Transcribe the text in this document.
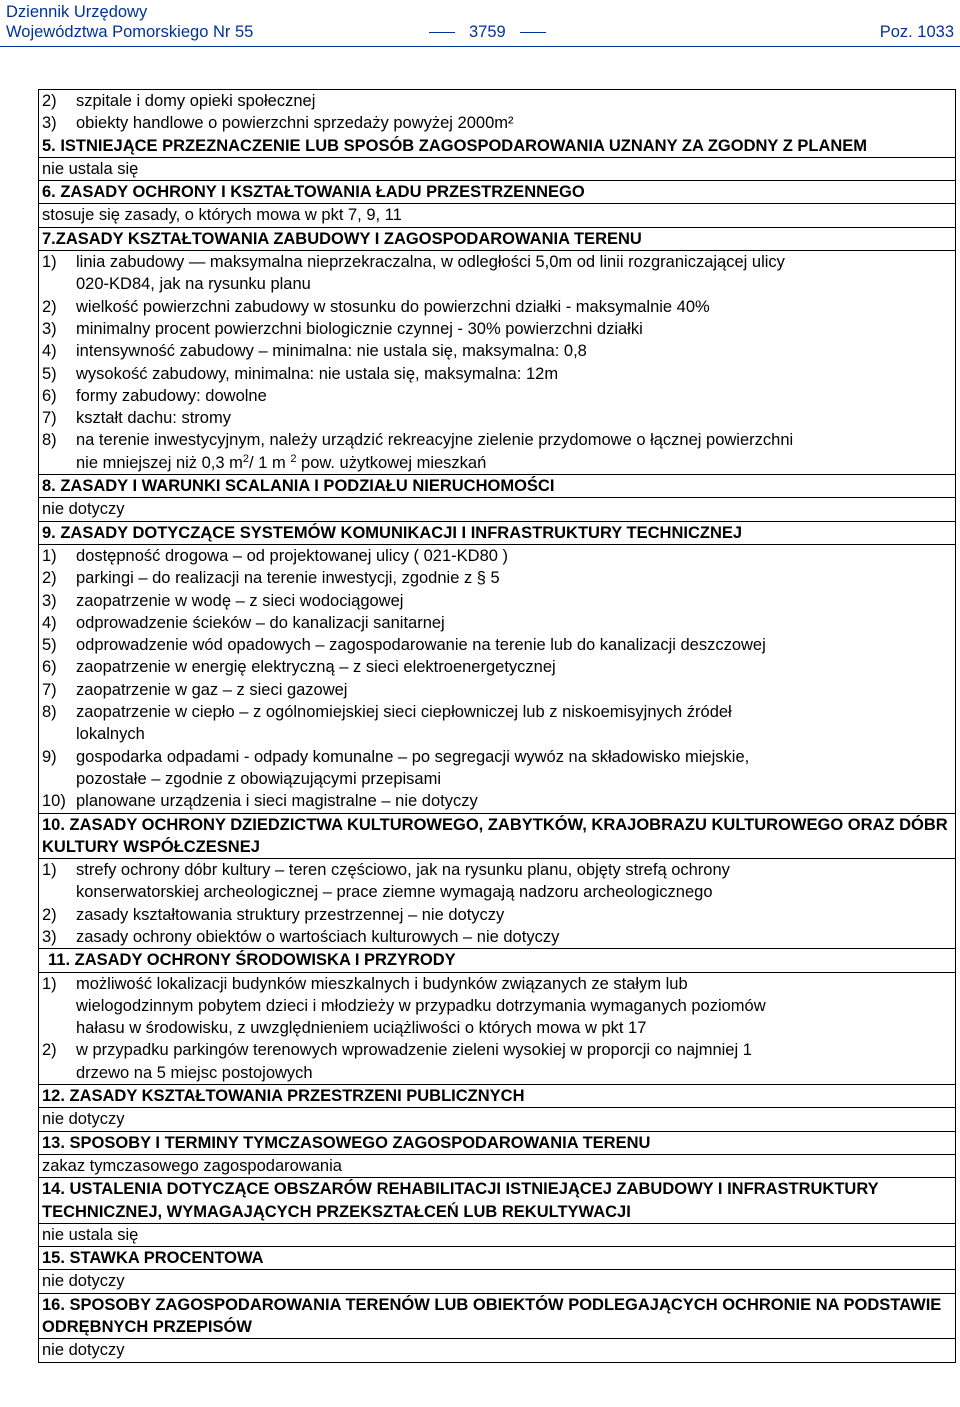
Dziennik Urzędowy
Województwa Pomorskiego Nr 55	3759	Poz. 1033
2)	szpitale i domy opieki społecznej
3)	obiekty handlowe o powierzchni sprzedaży powyżej 2000m²
5. ISTNIEJĄCE PRZEZNACZENIE LUB SPOSÓB ZAGOSPODAROWANIA UZNANY ZA ZGODNY Z PLANEM
nie ustala się
6. ZASADY OCHRONY I KSZTAŁTOWANIA ŁADU PRZESTRZENNEGO
stosuje się zasady, o których mowa w pkt 7, 9, 11
7.ZASADY KSZTAŁTOWANIA ZABUDOWY I ZAGOSPODAROWANIA TERENU
1)	linia zabudowy — maksymalna nieprzekraczalna, w odległości 5,0m od linii rozgraniczającej ulicy
020-KD84, jak na rysunku planu
2)	wielkość powierzchni zabudowy w stosunku do powierzchni działki - maksymalnie 40%
3)	minimalny procent powierzchni biologicznie czynnej - 30% powierzchni działki
4)	intensywność zabudowy – minimalna: nie ustala się, maksymalna: 0,8
5)	wysokość zabudowy, minimalna: nie ustala się, maksymalna: 12m
6)	formy zabudowy: dowolne
7)	kształt dachu: stromy
8)	na terenie inwestycyjnym, należy urządzić rekreacyjne zielenie przydomowe o łącznej powierzchni
nie mniejszej niż 0,3 $m^2/$ 1 m $^2$ pow. użytkowej mieszkań
8. ZASADY I WARUNKI SCALANIA I PODZIAŁU NIERUCHOMOŚCI
nie dotyczy
9. ZASADY DOTYCZĄCE SYSTEMÓW KOMUNIKACJI I INFRASTRUKTURY TECHNICZNEJ
1)	dostępność drogowa – od projektowanej ulicy ( 021-KD80 )
2)	parkingi – do realizacji na terenie inwestycji, zgodnie z § 5
3)	zaopatrzenie w wodę – z sieci wodociągowej
4)	odprowadzenie ścieków – do kanalizacji sanitarnej
5)	odprowadzenie wód opadowych – zagospodarowanie na terenie lub do kanalizacji deszczowej
6)	zaopatrzenie w energię elektryczną – z sieci elektroenergetycznej
7)	zaopatrzenie w gaz – z sieci gazowej
8)	zaopatrzenie w ciepło – z ogólnomiejskiej sieci ciepłowniczej lub z niskoemisyjnych źródeł
lokalnych
9)	gospodarka odpadami - odpady komunalne – po segregacji wywóz na składowisko miejskie,
pozostałe – zgodnie z obowiązującymi przepisami
10) planowane urządzenia i sieci magistralne – nie dotyczy
10. ZASADY OCHRONY DZIEDZICTWA KULTUROWEGO, ZABYTKÓW, KRAJOBRAZU KULTUROWEGO ORAZ DÓBR KULTURY WSPÓŁCZESNEJ
1)	strefy ochrony dóbr kultury – teren częściowo, jak na rysunku planu, objęty strefą ochrony
konserwatorskiej archeologicznej – prace ziemne wymagają nadzoru archeologicznego
2)	zasady kształtowania struktury przestrzennej – nie dotyczy
3)	zasady ochrony obiektów o wartościach kulturowych – nie dotyczy
11. ZASADY OCHRONY ŚRODOWISKA I PRZYRODY
1)	możliwość lokalizacji budynków mieszkalnych i budynków związanych ze stałym lub
wielogodzinnym pobytem dzieci i młodzieży w przypadku dotrzymania wymaganych poziomów
hałasu w środowisku, z uwzględnieniem uciążliwości o których mowa w pkt 17
2)	w przypadku parkingów terenowych wprowadzenie zieleni wysokiej w proporcji co najmniej 1
drzewo na 5 miejsc postojowych
12. ZASADY KSZTAŁTOWANIA PRZESTRZENI PUBLICZNYCH
nie dotyczy
13. SPOSOBY I TERMINY TYMCZASOWEGO ZAGOSPODAROWANIA TERENU
zakaz tymczasowego zagospodarowania
14. USTALENIA DOTYCZĄCE OBSZARÓW REHABILITACJI ISTNIEJĄCEJ ZABUDOWY I INFRASTRUKTURY TECHNICZNEJ, WYMAGAJĄCYCH PRZEKSZTAŁCEŃ LUB REKULTYWACJI
nie ustala się
15. STAWKA PROCENTOWA
nie dotyczy
16. SPOSOBY ZAGOSPODAROWANIA TERENÓW LUB OBIEKTÓW PODLEGAJĄCYCH OCHRONIE NA PODSTAWIE ODRĘBNYCH PRZEPISÓW
nie dotyczy
